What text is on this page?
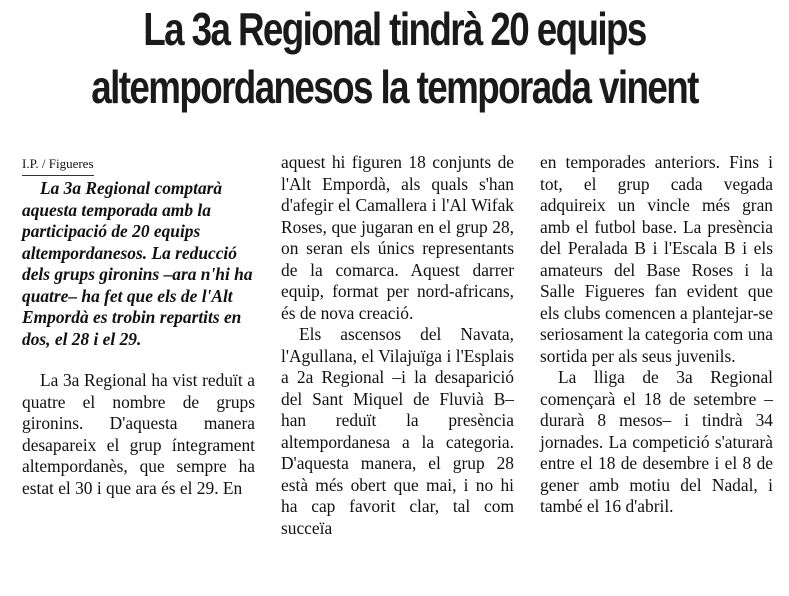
La 3a Regional tindrà 20 equips
altempordanesos la temporada vinent
I.P. / Figueres

La 3a Regional comptarà aquesta temporada amb la participació de 20 equips altempordanesos. La reducció dels grups gironins –ara n'hi ha quatre– ha fet que els de l'Alt Empordà es trobin repartits en dos, el 28 i el 29.

La 3a Regional ha vist reduït a quatre el nombre de grups gironins. D'aquesta manera desapareix el grup íntegrament altempordanès, que sempre ha estat el 30 i que ara és el 29. En

aquest hi figuren 18 conjunts de l'Alt Empordà, als quals s'han d'afegir el Camallera i l'Al Wifak Roses, que jugaran en el grup 28, on seran els únics representants de la comarca. Aquest darrer equip, format per nord-africans, és de nova creació.

Els ascensos del Navata, l'Agullana, el Vilajuïga i l'Esplais a 2a Regional –i la desaparició del Sant Miquel de Fluvià B– han reduït la presència altempordanesa a la categoria. D'aquesta manera, el grup 28 està més obert que mai, i no hi ha cap favorit clar, tal com succeïa

en temporades anteriors. Fins i tot, el grup cada vegada adquireix un vincle més gran amb el futbol base. La presència del Peralada B i l'Escala B i els amateurs del Base Roses i la Salle Figueres fan evident que els clubs comencen a plantejar-se seriosament la categoria com una sortida per als seus juvenils.

La lliga de 3a Regional començarà el 18 de setembre –durarà 8 mesos– i tindrà 34 jornades. La competició s'aturarà entre el 18 de desembre i el 8 de gener amb motiu del Nadal, i també el 16 d'abril.
